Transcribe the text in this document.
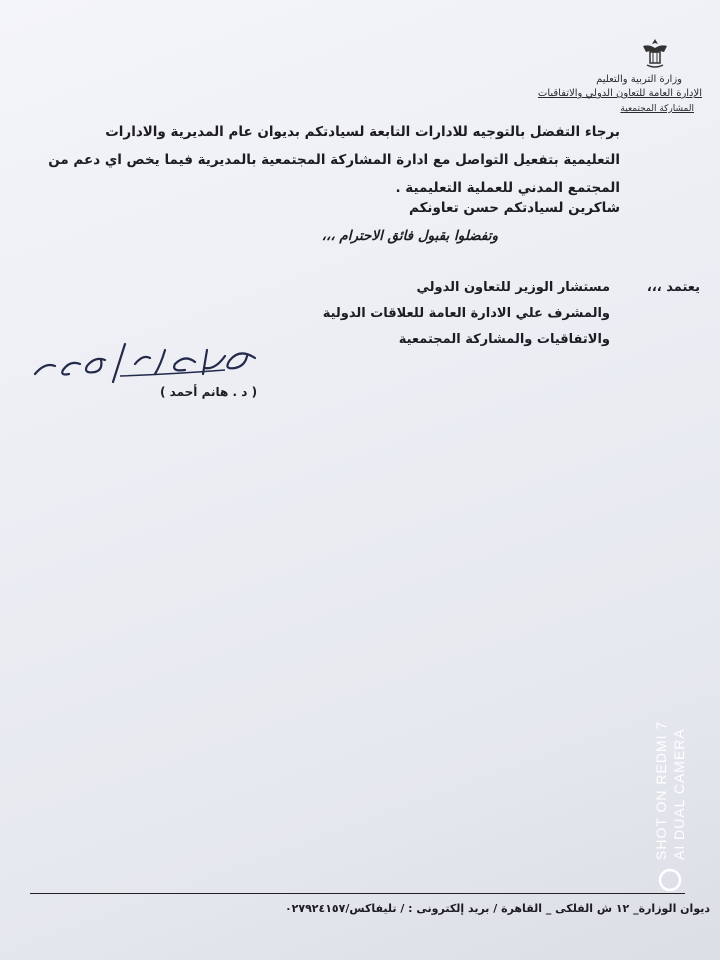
وزارة التربية والتعليم
الإدارة العامة للتعاون الدولي والاتفاقيات
المشاركة المجتمعية
برجاء التفضل بالتوجيه للادارات التابعة لسيادتكم بديوان عام المديرية والادارات
التعليمية بتفعيل التواصل مع ادارة المشاركة المجتمعية بالمديرية فيما يخص اي دعم من
المجتمع المدني للعملية التعليمية .
شاكرين لسيادتكم حسن تعاونكم
وتفضلوا بقبول فائق الاحترام ،،،
يعتمد ،،،
مستشار الوزير للتعاون الدولي
والمشرف علي الادارة العامة للعلاقات الدولية
والاتفاقيات والمشاركة المجتمعية
( د . هانم أحمد )
ديوان الوزارة_ ١٢ ش الفلكى _ القاهرة / بريد إلكترونى : / تليفاكس/٠٢٧٩٢٤١٥٧
SHOT ON REDMI 7 AI DUAL CAMERA
